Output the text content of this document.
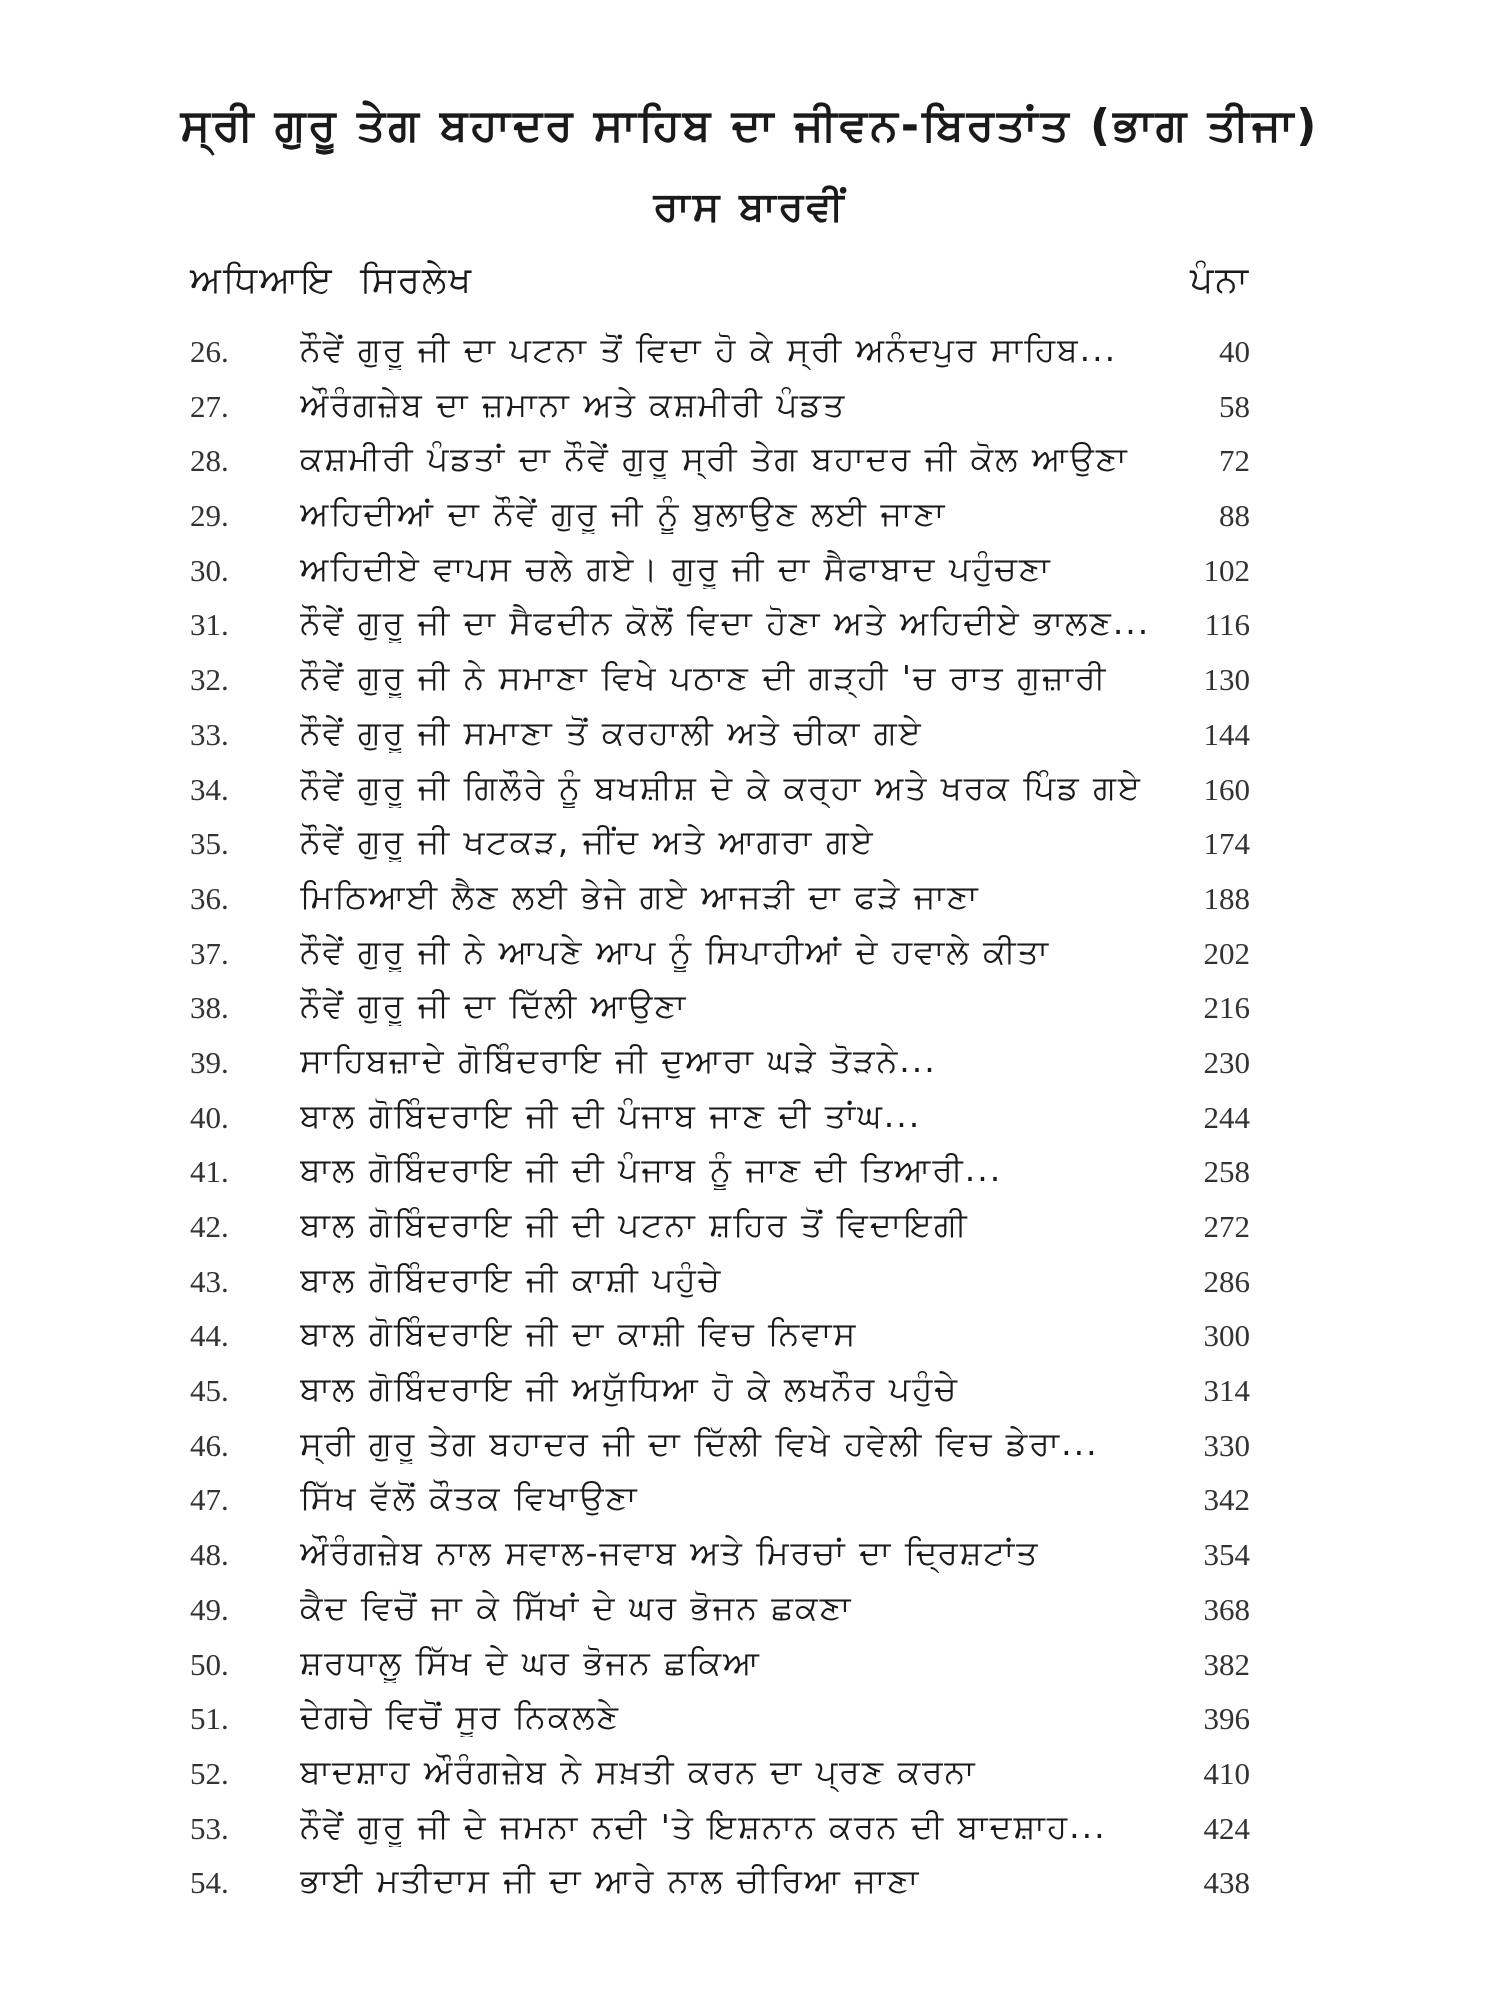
ਸ੍ਰੀ ਗੁਰੂ ਤੇਗ ਬਹਾਦਰ ਸਾਹਿਬ ਦਾ ਜੀਵਨ-ਬਿਰਤਾਂਤ (ਭਾਗ ਤੀਜਾ)
ਰਾਸ ਬਾਰਵੀਂ
ਅਧਿਆਇ ਸਿਰਲੇਖ	ਪੰਨਾ
26. ਨੌਵੇਂ ਗੁਰੂ ਜੀ ਦਾ ਪਟਨਾ ਤੋਂ ਵਿਦਾ ਹੋ ਕੇ ਸ੍ਰੀ ਅਨੰਦਪੁਰ ਸਾਹਿਬ...	40
27. ਔਰੰਗਜ਼ੇਬ ਦਾ ਜ਼ਮਾਨਾ ਅਤੇ ਕਸ਼ਮੀਰੀ ਪੰਡਤ	58
28. ਕਸ਼ਮੀਰੀ ਪੰਡਤਾਂ ਦਾ ਨੌਵੇਂ ਗੁਰੂ ਸ੍ਰੀ ਤੇਗ ਬਹਾਦਰ ਜੀ ਕੋਲ ਆਉਣਾ	72
29. ਅਹਿਦੀਆਂ ਦਾ ਨੌਵੇਂ ਗੁਰੂ ਜੀ ਨੂੰ ਬੁਲਾਉਣ ਲਈ ਜਾਣਾ	88
30. ਅਹਿਦੀਏ ਵਾਪਸ ਚਲੇ ਗਏ। ਗੁਰੂ ਜੀ ਦਾ ਸੈਫਾਬਾਦ ਪਹੁੰਚਣਾ	102
31. ਨੌਵੇਂ ਗੁਰੂ ਜੀ ਦਾ ਸੈਫਦੀਨ ਕੋਲੋਂ ਵਿਦਾ ਹੋਣਾ ਅਤੇ ਅਹਿਦੀਏ ਭਾਲਣ...	116
32. ਨੌਵੇਂ ਗੁਰੂ ਜੀ ਨੇ ਸਮਾਣਾ ਵਿਖੇ ਪਠਾਣ ਦੀ ਗੜ੍ਹੀ 'ਚ ਰਾਤ ਗੁਜ਼ਾਰੀ	130
33. ਨੌਵੇਂ ਗੁਰੂ ਜੀ ਸਮਾਣਾ ਤੋਂ ਕਰਹਾਲੀ ਅਤੇ ਚੀਕਾ ਗਏ	144
34. ਨੌਵੇਂ ਗੁਰੂ ਜੀ ਗਿਲੌਰੇ ਨੂੰ ਬਖਸ਼ੀਸ਼ ਦੇ ਕੇ ਕਰ੍ਹਾ ਅਤੇ ਖਰਕ ਪਿੰਡ ਗਏ	160
35. ਨੌਵੇਂ ਗੁਰੂ ਜੀ ਖਟਕੜ, ਜੀਂਦ ਅਤੇ ਆਗਰਾ ਗਏ	174
36. ਮਿਠਿਆਈ ਲੈਣ ਲਈ ਭੇਜੇ ਗਏ ਆਜੜੀ ਦਾ ਫੜੇ ਜਾਣਾ	188
37. ਨੌਵੇਂ ਗੁਰੂ ਜੀ ਨੇ ਆਪਣੇ ਆਪ ਨੂੰ ਸਿਪਾਹੀਆਂ ਦੇ ਹਵਾਲੇ ਕੀਤਾ	202
38. ਨੌਵੇਂ ਗੁਰੂ ਜੀ ਦਾ ਦਿੱਲੀ ਆਉਣਾ	216
39. ਸਾਹਿਬਜ਼ਾਦੇ ਗੋਬਿੰਦਰਾਇ ਜੀ ਦੁਆਰਾ ਘੜੇ ਤੋੜਨੇ...	230
40. ਬਾਲ ਗੋਬਿੰਦਰਾਇ ਜੀ ਦੀ ਪੰਜਾਬ ਜਾਣ ਦੀ ਤਾਂਘ...	244
41. ਬਾਲ ਗੋਬਿੰਦਰਾਇ ਜੀ ਦੀ ਪੰਜਾਬ ਨੂੰ ਜਾਣ ਦੀ ਤਿਆਰੀ...	258
42. ਬਾਲ ਗੋਬਿੰਦਰਾਇ ਜੀ ਦੀ ਪਟਨਾ ਸ਼ਹਿਰ ਤੋਂ ਵਿਦਾਇਗੀ	272
43. ਬਾਲ ਗੋਬਿੰਦਰਾਇ ਜੀ ਕਾਸ਼ੀ ਪਹੁੰਚੇ	286
44. ਬਾਲ ਗੋਬਿੰਦਰਾਇ ਜੀ ਦਾ ਕਾਸ਼ੀ ਵਿਚ ਨਿਵਾਸ	300
45. ਬਾਲ ਗੋਬਿੰਦਰਾਇ ਜੀ ਅਯੁੱਧਿਆ ਹੋ ਕੇ ਲਖਨੌਰ ਪਹੁੰਚੇ	314
46. ਸ੍ਰੀ ਗੁਰੂ ਤੇਗ ਬਹਾਦਰ ਜੀ ਦਾ ਦਿੱਲੀ ਵਿਖੇ ਹਵੇਲੀ ਵਿਚ ਡੇਰਾ...	330
47. ਸਿੱਖ ਵੱਲੋਂ ਕੌਤਕ ਵਿਖਾਉਣਾ	342
48. ਔਰੰਗਜ਼ੇਬ ਨਾਲ ਸਵਾਲ-ਜਵਾਬ ਅਤੇ ਮਿਰਚਾਂ ਦਾ ਦ੍ਰਿਸ਼ਟਾਂਤ	354
49. ਕੈਦ ਵਿਚੋਂ ਜਾ ਕੇ ਸਿੱਖਾਂ ਦੇ ਘਰ ਭੋਜਨ ਛਕਣਾ	368
50. ਸ਼ਰਧਾਲੂ ਸਿੱਖ ਦੇ ਘਰ ਭੋਜਨ ਛਕਿਆ	382
51. ਦੇਗਚੇ ਵਿਚੋਂ ਸੂਰ ਨਿਕਲਣੇ	396
52. ਬਾਦਸ਼ਾਹ ਔਰੰਗਜ਼ੇਬ ਨੇ ਸਖ਼ਤੀ ਕਰਨ ਦਾ ਪ੍ਰਣ ਕਰਨਾ	410
53. ਨੌਵੇਂ ਗੁਰੂ ਜੀ ਦੇ ਜਮਨਾ ਨਦੀ 'ਤੇ ਇਸ਼ਨਾਨ ਕਰਨ ਦੀ ਬਾਦਸ਼ਾਹ...	424
54. ਭਾਈ ਮਤੀਦਾਸ ਜੀ ਦਾ ਆਰੇ ਨਾਲ ਚੀਰਿਆ ਜਾਣਾ	438
